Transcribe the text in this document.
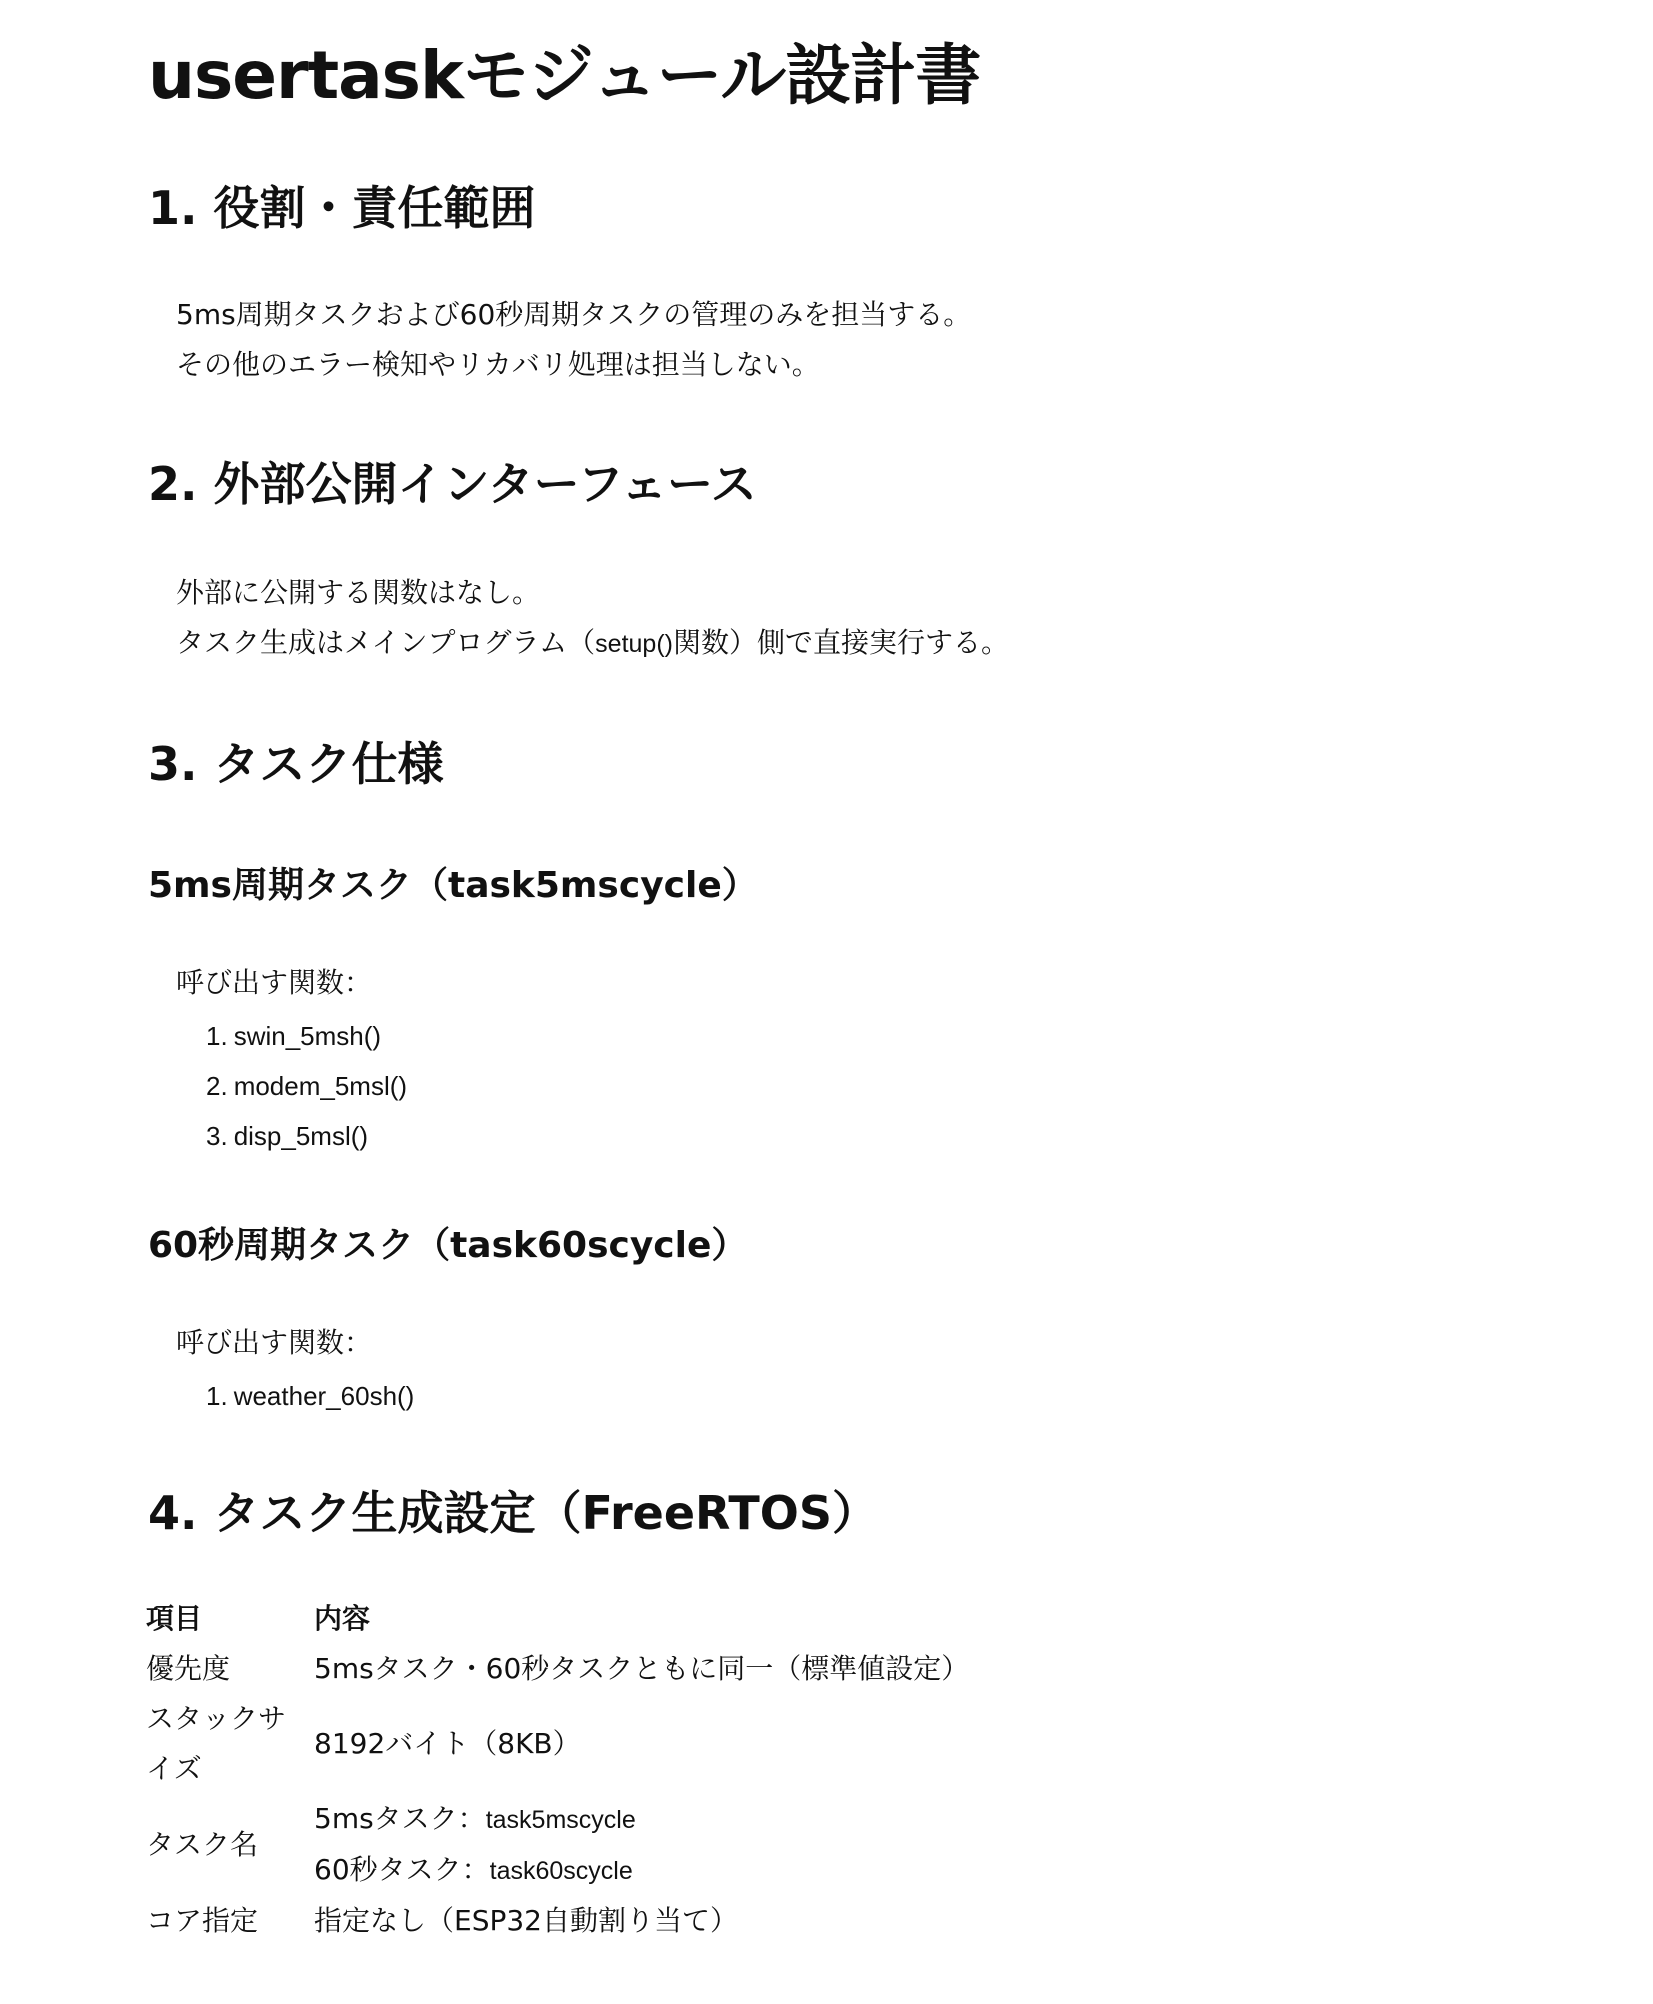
usertaskモジュール設計書
1. 役割・責任範囲
5ms周期タスクおよび60秒周期タスクの管理のみを担当する。
その他のエラー検知やリカバリ処理は担当しない。
2. 外部公開インターフェース
外部に公開する関数はなし。
タスク生成はメインプログラム（setup()関数）側で直接実行する。
3. タスク仕様
5ms周期タスク（task5mscycle）
呼び出す関数：
1. swin_5msh()
2. modem_5msl()
3. disp_5msl()
60秒周期タスク（task60scycle）
呼び出す関数：
1. weather_60sh()
4. タスク生成設定（FreeRTOS）
項目	内容
優先度	5msタスク・60秒タスクともに同一（標準値設定）

スタックサ
イズ	8192バイト（8KB）
タスク名	5msタスク：task5mscycle
60秒タスク：task60scycle

コア指定	指定なし（ESP32自動割り当て）
